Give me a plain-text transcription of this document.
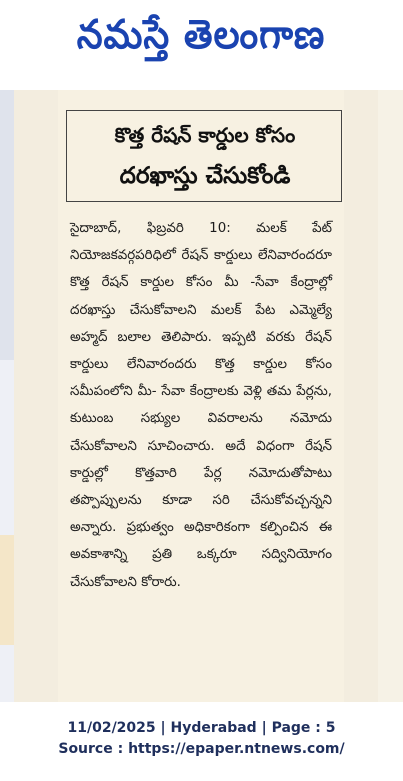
నమస్తే తెలంగాణ
కొత్త రేషన్ కార్డుల కోసం
దరఖాస్తు చేసుకోండి
సైదాబాద్, ఫిబ్రవరి 10: మలక్ పేట్ నియోజకవర్గపరిధిలో రేషన్ కార్డులు లేనివారందరూ కొత్త రేషన్ కార్డుల కోసం మీ -సేవా కేంద్రాల్లో దరఖాస్తు చేసుకోవాలని మలక్ పేట ఎమ్మెల్యే అహ్మద్ బలాల తెలిపారు. ఇప్పటి వరకు రేషన్ కార్డులు లేనివారందరు కొత్త కార్డుల కోసం సమీపంలోని మీ- సేవా కేంద్రాలకు వెళ్లి తమ పేర్లను, కుటుంబ సభ్యుల వివరాలను నమోదు చేసుకోవాలని సూచించారు. అదే విధంగా రేషన్ కార్డుల్లో కొత్తవారి పేర్ల నమోదుతోపాటు తప్పొప్పులను కూడా సరి చేసుకోవచ్చన్నని అన్నారు. ప్రభుత్వం అధికారికంగా కల్పించిన ఈ అవకాశాన్ని ప్రతి ఒక్కరూ సద్వినియోగం చేసుకోవాలని కోరారు.
11/02/2025 | Hyderabad | Page : 5
Source : https://epaper.ntnews.com/
